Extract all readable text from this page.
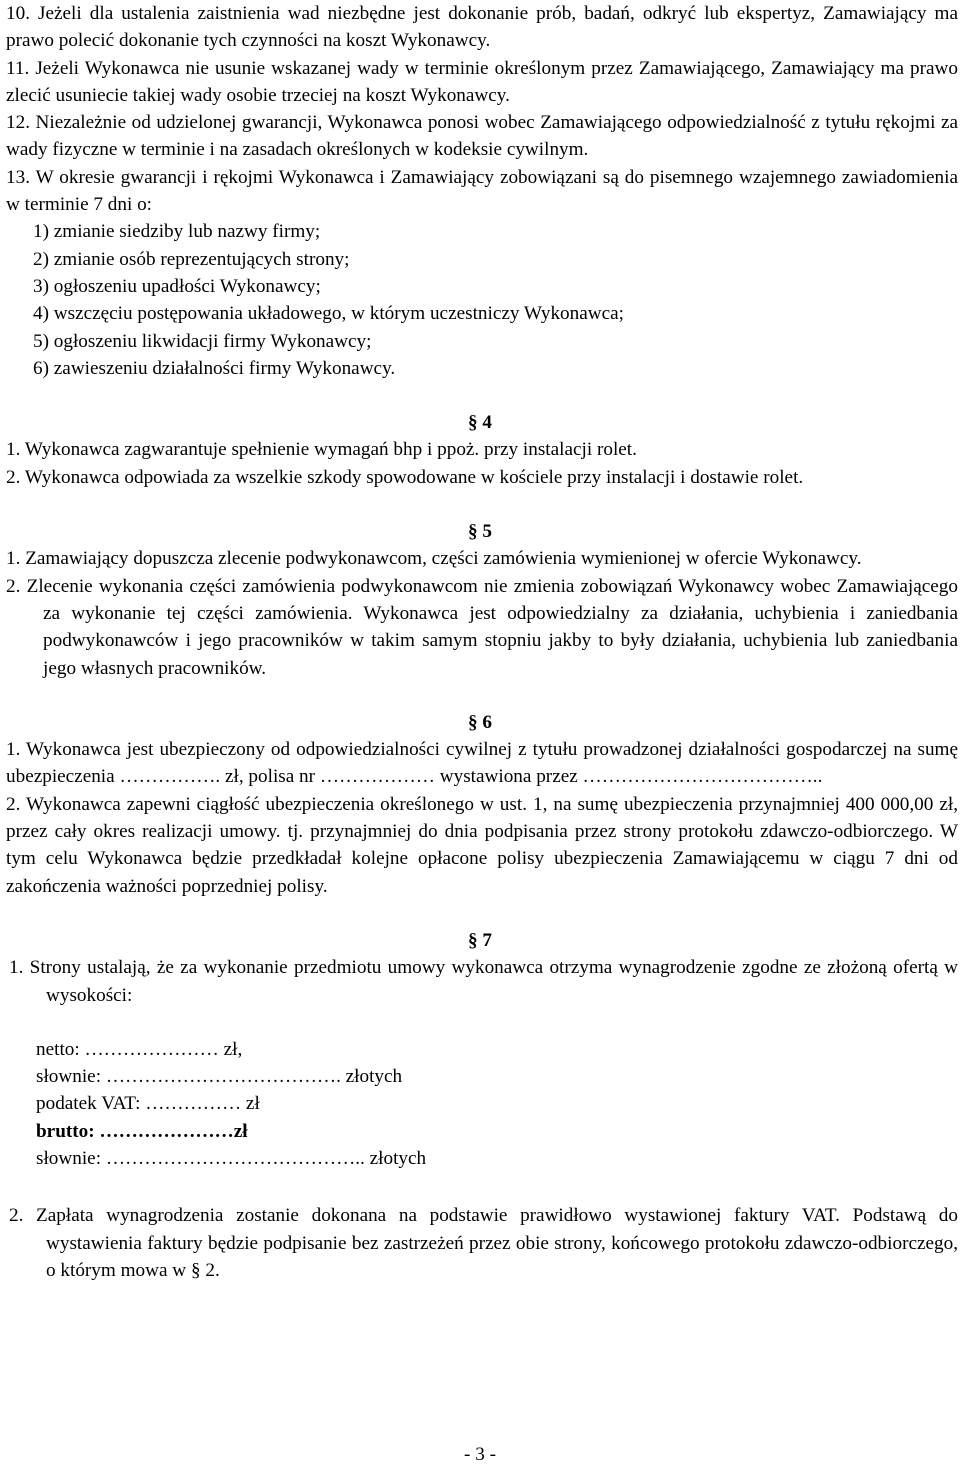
10. Jeżeli dla ustalenia zaistnienia wad niezbędne jest dokonanie prób, badań, odkryć lub ekspertyz, Zamawiający ma prawo polecić dokonanie tych czynności na koszt Wykonawcy.

11. Jeżeli Wykonawca nie usunie wskazanej wady w terminie określonym przez Zamawiającego, Zamawiający ma prawo zlecić usuniecie takiej wady osobie trzeciej na koszt Wykonawcy.

12. Niezależnie od udzielonej gwarancji, Wykonawca ponosi wobec Zamawiającego odpowiedzialność z tytułu rękojmi za wady fizyczne w terminie i na zasadach określonych w kodeksie cywilnym.

13. W okresie gwarancji i rękojmi Wykonawca i Zamawiający zobowiązani są do pisemnego wzajemnego zawiadomienia w terminie 7 dni o:

1) zmianie siedziby lub nazwy firmy;

2) zmianie osób reprezentujących strony;

3) ogłoszeniu upadłości Wykonawcy;

4) wszczęciu postępowania układowego, w którym uczestniczy Wykonawca;

5) ogłoszeniu likwidacji firmy Wykonawcy;

6) zawieszeniu działalności firmy Wykonawcy.

§ 4

1. Wykonawca zagwarantuje spełnienie wymagań bhp i ppoż. przy instalacji rolet.

2. Wykonawca odpowiada za wszelkie szkody spowodowane w kościele przy instalacji i dostawie rolet.

§ 5

1. Zamawiający dopuszcza zlecenie podwykonawcom, części zamówienia wymienionej w ofercie Wykonawcy.

2. Zlecenie wykonania części zamówienia podwykonawcom nie zmienia zobowiązań Wykonawcy wobec Zamawiającego za wykonanie tej części zamówienia. Wykonawca jest odpowiedzialny za działania, uchybienia i zaniedbania podwykonawców i jego pracowników w takim samym stopniu jakby to były działania, uchybienia lub zaniedbania jego własnych pracowników.

§ 6

1. Wykonawca jest ubezpieczony od odpowiedzialności cywilnej z tytułu prowadzonej działalności gospodarczej na sumę ubezpieczenia ……………. zł, polisa nr ……………… wystawiona przez ………………………………..

2. Wykonawca zapewni ciągłość ubezpieczenia określonego w ust. 1, na sumę ubezpieczenia przynajmniej 400 000,00 zł, przez cały okres realizacji umowy. tj. przynajmniej do dnia podpisania przez strony protokołu zdawczo-odbiorczego. W tym celu Wykonawca będzie przedkładał kolejne opłacone polisy ubezpieczenia Zamawiającemu w ciągu 7 dni od zakończenia ważności poprzedniej polisy.

§ 7

1. Strony ustalają, że za wykonanie przedmiotu umowy wykonawca otrzyma wynagrodzenie zgodne ze złożoną ofertą w wysokości:

netto: ………………… zł,

słownie: ………………………………. złotych

podatek VAT: …………… zł

brutto: …………………zł

słownie: ………………………………….. złotych

2. Zapłata wynagrodzenia zostanie dokonana na podstawie prawidłowo wystawionej faktury VAT. Podstawą do wystawienia faktury będzie podpisanie bez zastrzeżeń przez obie strony, końcowego protokołu zdawczo-odbiorczego, o którym mowa w § 2.

- 3 -
